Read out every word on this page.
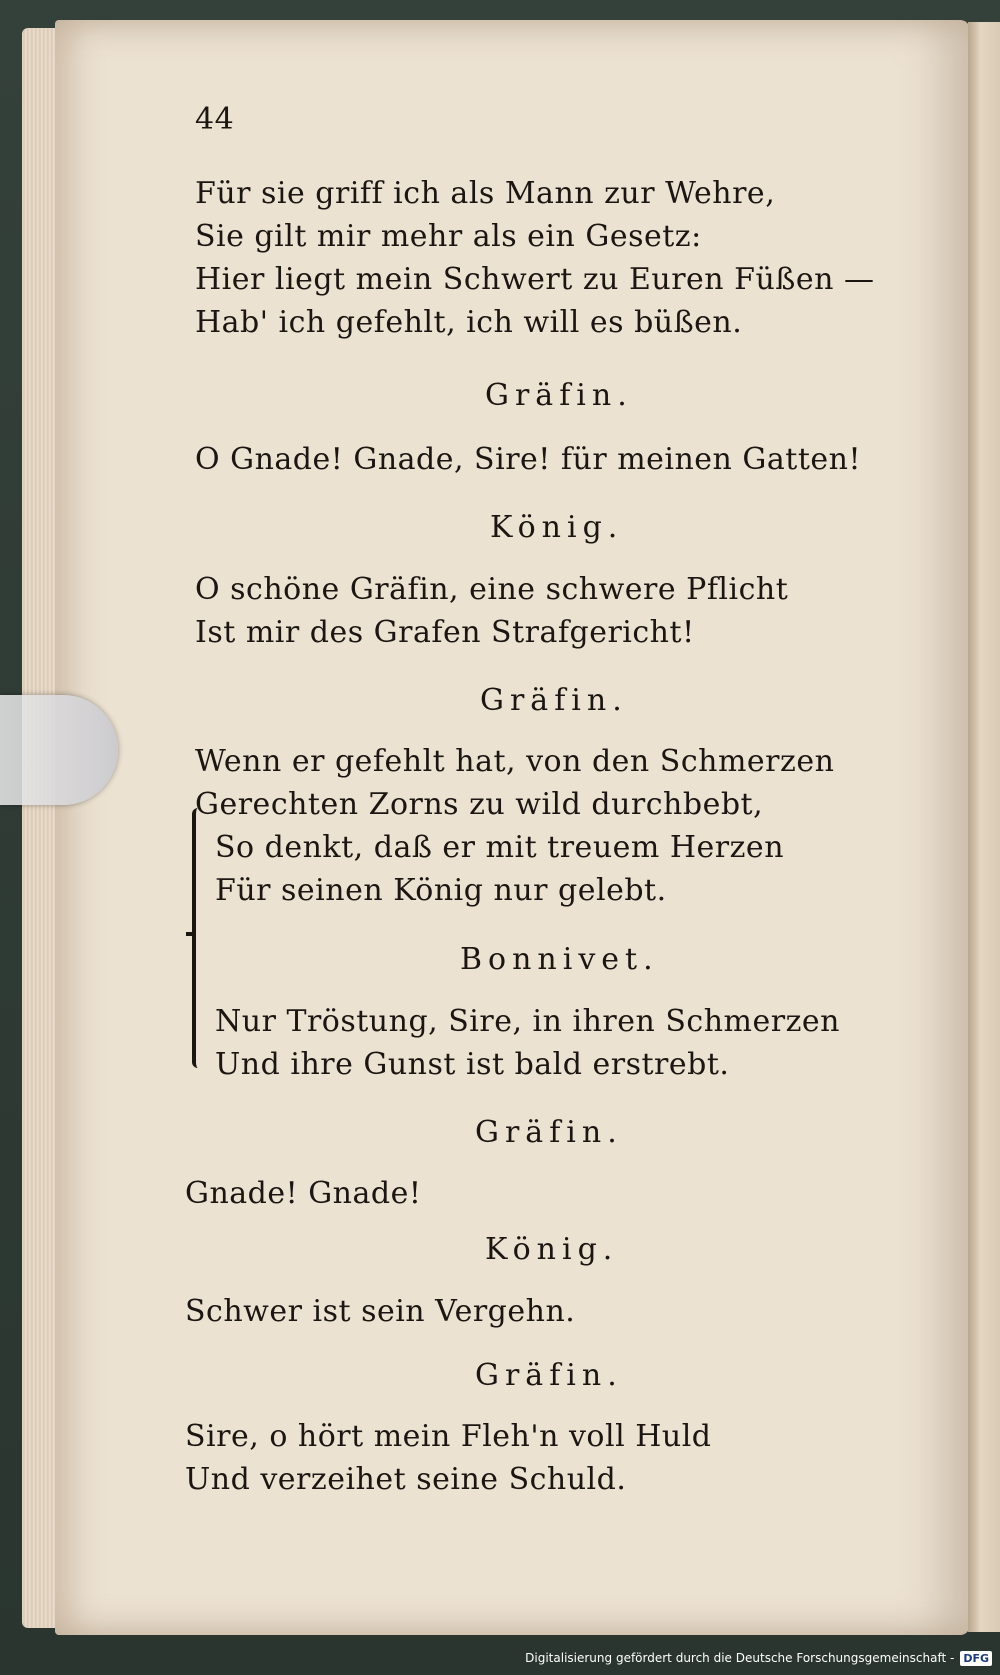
44
Für sie griff ich als Mann zur Wehre,
Sie gilt mir mehr als ein Gesetz:
Hier liegt mein Schwert zu Euren Füßen —
Hab' ich gefehlt, ich will es büßen.
Gräfin.
O Gnade! Gnade, Sire! für meinen Gatten!
König.
O schöne Gräfin, eine schwere Pflicht
Ist mir des Grafen Strafgericht!
Gräfin.
Wenn er gefehlt hat, von den Schmerzen
Gerechten Zorns zu wild durchbebt,
So denkt, daß er mit treuem Herzen
Für seinen König nur gelebt.
Bonnivet.
Nur Tröstung, Sire, in ihren Schmerzen
Und ihre Gunst ist bald erstrebt.
Gräfin.
Gnade! Gnade!
König.
Schwer ist sein Vergehn.
Gräfin.
Sire, o hört mein Fleh'n voll Huld
Und verzeihet seine Schuld.
Digitalisierung gefördert durch die Deutsche Forschungsgemeinschaft - DFG
